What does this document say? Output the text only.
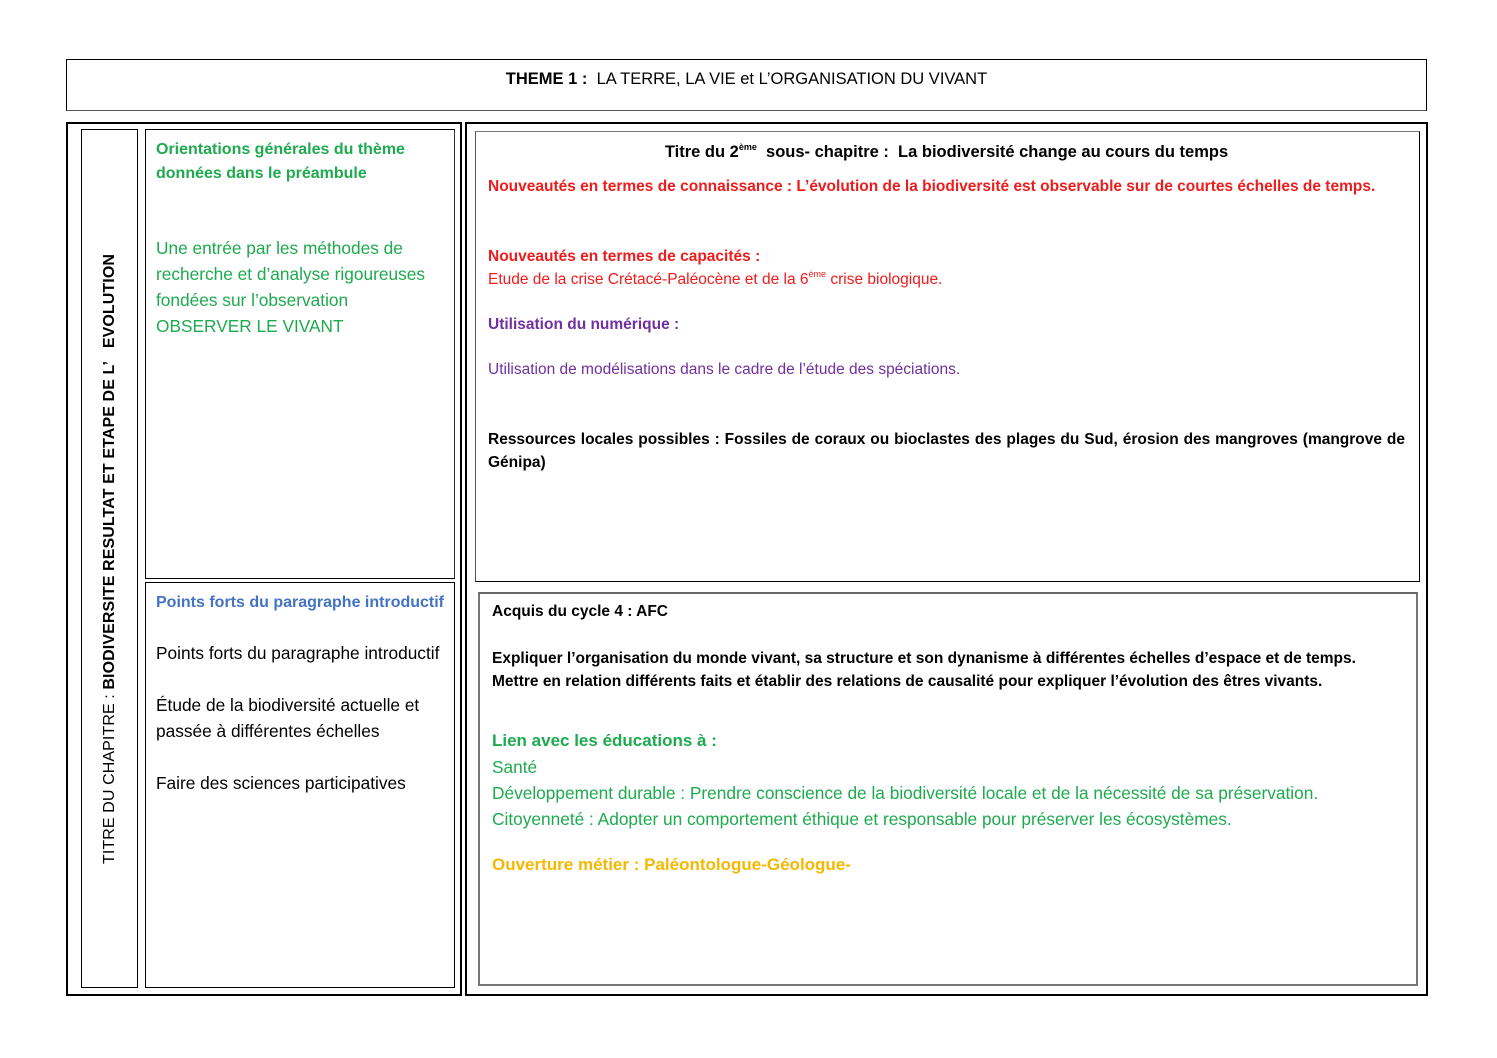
THEME 1 : LA TERRE, LA VIE et L’ORGANISATION DU VIVANT
TITRE DU CHAPITRE : BIODIVERSITE RESULTAT ET ETAPE DE L’   EVOLUTION

Orientations générales du thème données dans le préambule

Une entrée par les méthodes de recherche et d’analyse rigoureuses fondées sur l’observation

OBSERVER LE VIVANT

Points forts du paragraphe introductif

Points forts du paragraphe introductif

Étude de la biodiversité actuelle et passée à différentes échelles

Faire des sciences participatives

Titre du 2ème  sous- chapitre :  La biodiversité change au cours du temps

Nouveautés en termes de connaissance : L’évolution de la biodiversité est observable sur de courtes échelles de temps.

Nouveautés en termes de capacités :

Etude de la crise Crétacé-Paléocène et de la 6ème crise biologique.

Utilisation du numérique :

Utilisation de modélisations dans le cadre de l’étude des spéciations.

Ressources locales possibles : Fossiles de coraux ou bioclastes des plages du Sud, érosion des mangroves (mangrove de Génipa)

Acquis du cycle 4 : AFC

Expliquer l’organisation du monde vivant, sa structure et son dynanisme à différentes échelles d’espace et de temps.

Mettre en relation différents faits et établir des relations de causalité pour expliquer l’évolution des êtres vivants.

Lien avec les éducations à :

Santé

Développement durable : Prendre conscience de la biodiversité locale et de la nécessité de sa préservation.

Citoyenneté : Adopter un comportement éthique et responsable pour préserver les écosystèmes.

Ouverture métier : Paléontologue-Géologue-
